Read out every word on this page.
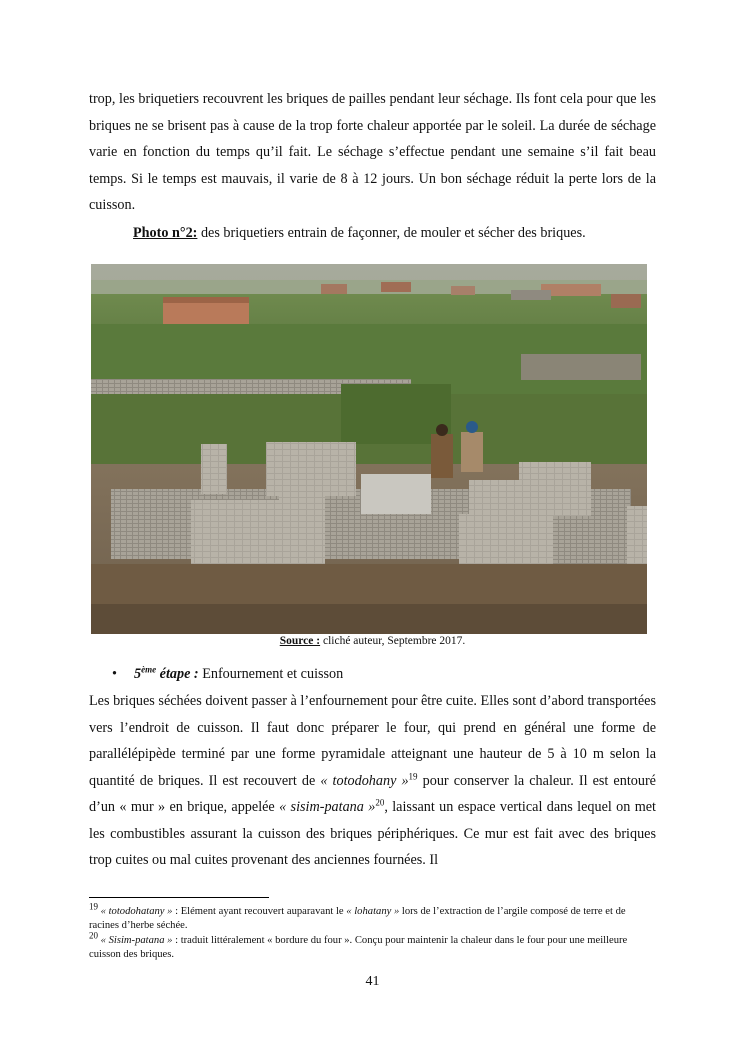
trop, les briquetiers recouvrent les briques de pailles pendant leur séchage. Ils font cela pour que les briques ne se brisent pas à cause de la trop forte chaleur apportée par le soleil. La durée de séchage varie en fonction du temps qu’il fait. Le séchage s’effectue pendant une semaine s’il fait beau temps. Si le temps est mauvais, il varie de 8 à 12 jours. Un bon séchage réduit la perte lors de la cuisson.

Photo n°2: des briquetiers entrain de façonner, de mouler et sécher des briques.
Source : cliché auteur, Septembre 2017.
• 5ème étape : Enfournement et cuisson

Les briques séchées doivent passer à l’enfournement pour être cuite. Elles sont d’abord transportées vers l’endroit de cuisson. Il faut donc préparer le four, qui prend en général une forme de parallélépipède terminé par une forme pyramidale atteignant une hauteur de 5 à 10 m selon la quantité de briques. Il est recouvert de « totodohany »$^{19}$ pour conserver la chaleur. Il est entouré d’un « mur » en brique, appelée « sisim-patana »$^{20}$, laissant un espace vertical dans lequel on met les combustibles assurant la cuisson des briques périphériques. Ce mur est fait avec des briques trop cuites ou mal cuites provenant des anciennes fournées. Il

$^{19}$ « totodohatany » : Elément ayant recouvert auparavant le « lohatany » lors de l’extraction de l’argile composé de terre et de racines d’herbe séchée.

$^{20}$ « Sisim-patana » : traduit littéralement « bordure du four ». Conçu pour maintenir la chaleur dans le four pour une meilleure cuisson des briques.

41
